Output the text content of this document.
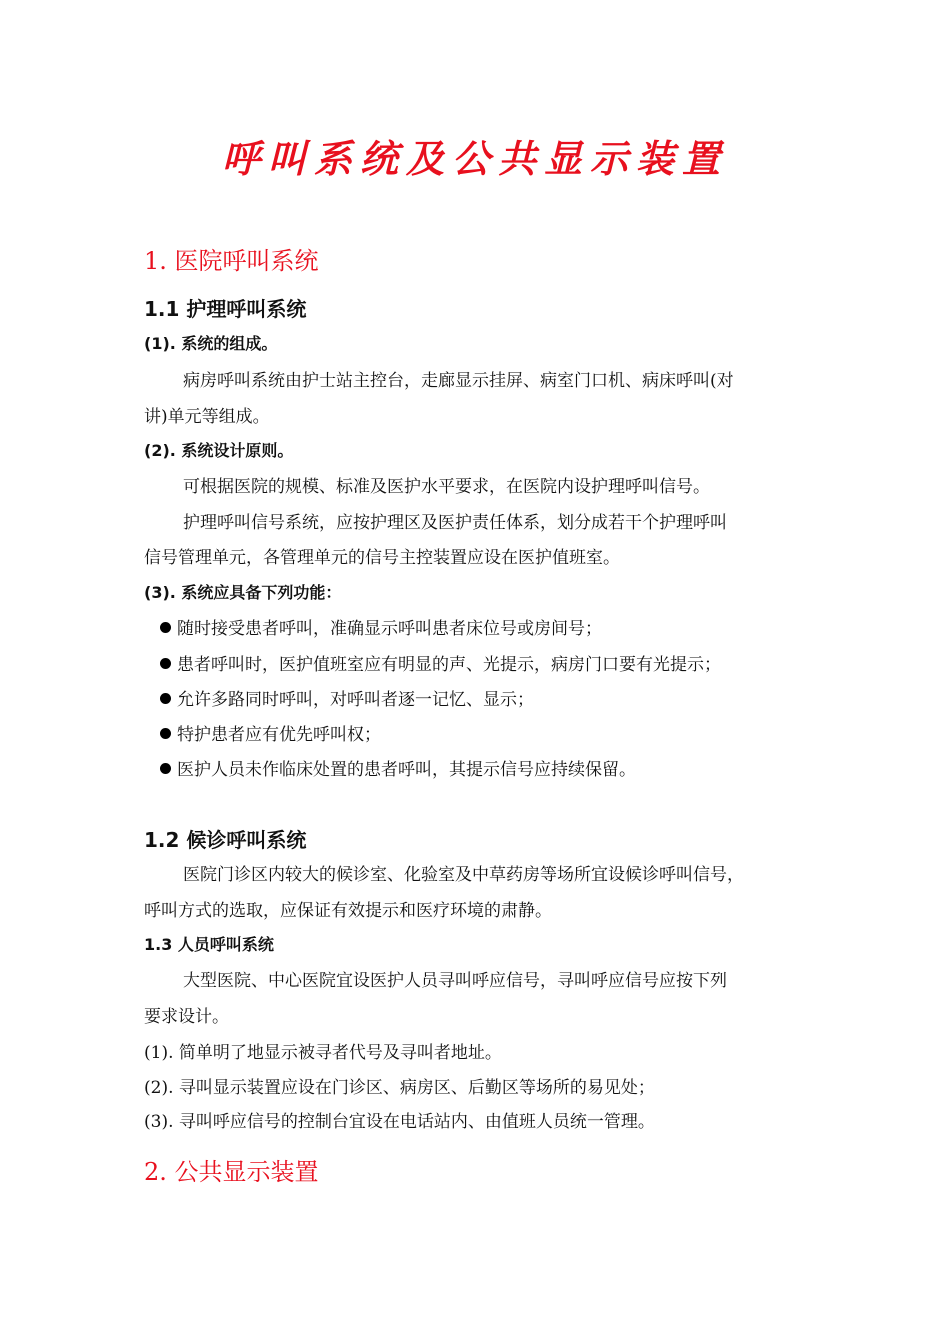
呼叫系统及公共显示装置
1. 医院呼叫系统
1.1 护理呼叫系统
(1). 系统的组成。
病房呼叫系统由护士站主控台，走廊显示挂屏、病室门口机、病床呼叫(对
讲)单元等组成。
(2). 系统设计原则。
可根据医院的规模、标准及医护水平要求，在医院内设护理呼叫信号。
护理呼叫信号系统，应按护理区及医护责任体系，划分成若干个护理呼叫
信号管理单元，各管理单元的信号主控装置应设在医护值班室。
(3). 系统应具备下列功能：
随时接受患者呼叫，准确显示呼叫患者床位号或房间号；
患者呼叫时，医护值班室应有明显的声、光提示，病房门口要有光提示；
允许多路同时呼叫，对呼叫者逐一记忆、显示；
特护患者应有优先呼叫权；
医护人员未作临床处置的患者呼叫，其提示信号应持续保留。
1.2 候诊呼叫系统
医院门诊区内较大的候诊室、化验室及中草药房等场所宜设候诊呼叫信号，
呼叫方式的选取，应保证有效提示和医疗环境的肃静。
1.3 人员呼叫系统
大型医院、中心医院宜设医护人员寻叫呼应信号，寻叫呼应信号应按下列
要求设计。
(1). 简单明了地显示被寻者代号及寻叫者地址。
(2). 寻叫显示装置应设在门诊区、病房区、后勤区等场所的易见处；
(3). 寻叫呼应信号的控制台宜设在电话站内、由值班人员统一管理。
2. 公共显示装置
